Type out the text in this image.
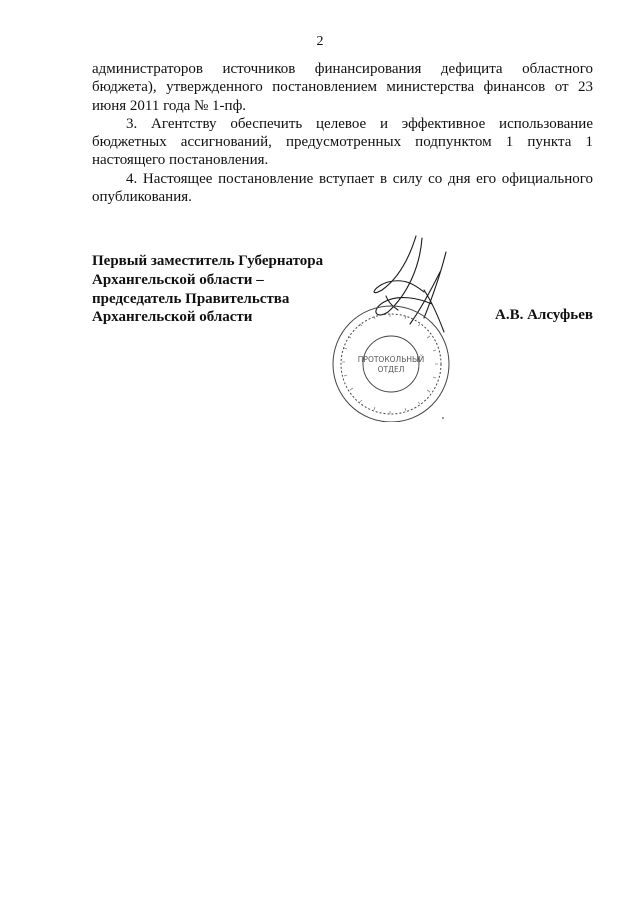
2

администраторов источников финансирования дефицита областного бюджета), утвержденного постановлением министерства финансов от 23 июня 2011 года № 1-пф.

3. Агентству обеспечить целевое и эффективное использование бюджетных ассигнований, предусмотренных подпунктом 1 пункта 1 настоящего постановления.

4. Настоящее постановление вступает в силу со дня его официального опубликования.

Первый заместитель Губернатора
Архангельской области –
председатель Правительства
Архангельской области	А.В. Алсуфьев
ПРОТОКОЛЬНЫЙ
ОТДЕЛ
